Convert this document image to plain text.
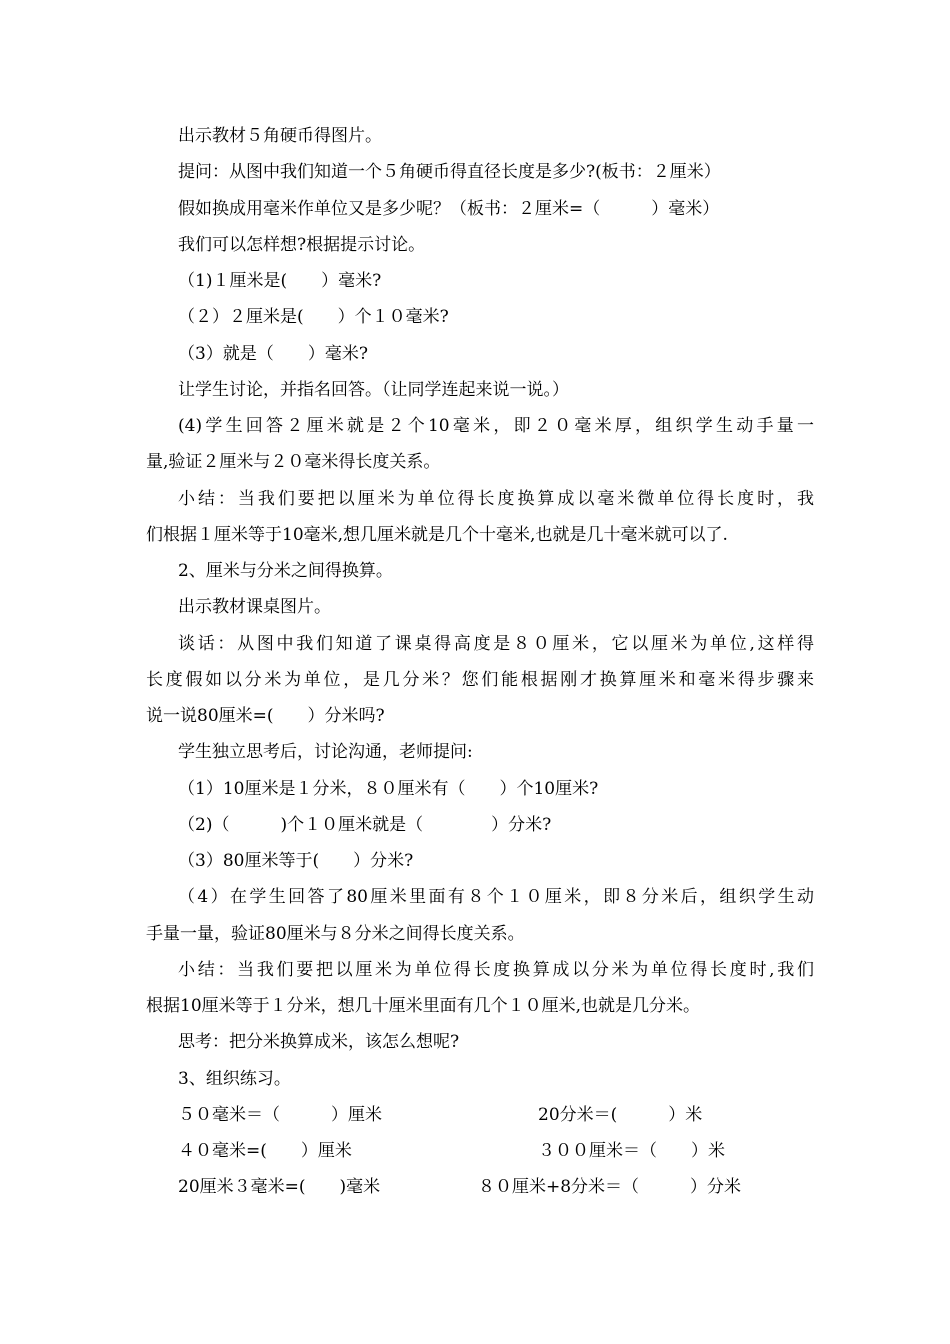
出示教材５角硬币得图片。
提问：从图中我们知道一个５角硬币得直径长度是多少?(板书：２厘米）
假如换成用毫米作单位又是多少呢？（板书：２厘米=（　　　）毫米）
我们可以怎样想?根据提示讨论。
（1)１厘米是(　　）毫米?
（２）２厘米是(　　）个１０毫米?
（3）就是（　　）毫米?
让学生讨论，并指名回答。（让同学连起来说一说。）
(4)学生回答２厘米就是２个10毫米，即２０毫米厚，组织学生动手量一
量,验证２厘米与２０毫米得长度关系。
小结：当我们要把以厘米为单位得长度换算成以毫米微单位得长度时，我
们根据１厘米等于10毫米,想几厘米就是几个十毫米,也就是几十毫米就可以了.
2、厘米与分米之间得换算。
出示教材课桌图片。
谈话：从图中我们知道了课桌得高度是８０厘米，它以厘米为单位,这样得
长度假如以分米为单位，是几分米？您们能根据刚才换算厘米和毫米得步骤来
说一说80厘米=(　　）分米吗?
学生独立思考后，讨论沟通，老师提问:
（1）10厘米是１分米，８０厘米有（　　）个10厘米?
（2)（　　　)个１０厘米就是（　　　　）分米?
（3）80厘米等于(　　）分米?
（4）在学生回答了80厘米里面有８个１０厘米，即８分米后，组织学生动
手量一量，验证80厘米与８分米之间得长度关系。
小结：当我们要把以厘米为单位得长度换算成以分米为单位得长度时,我们
根据10厘米等于１分米，想几十厘米里面有几个１０厘米,也就是几分米。
思考：把分米换算成米，该怎么想呢?
3、组织练习。
５０毫米＝（　　　）厘米	20分米＝(　　　）米
４０毫米=(　　）厘米	３００厘米＝（　　）米
20厘米３毫米=(　　)毫米	８０厘米+8分米＝（　　　）分米
